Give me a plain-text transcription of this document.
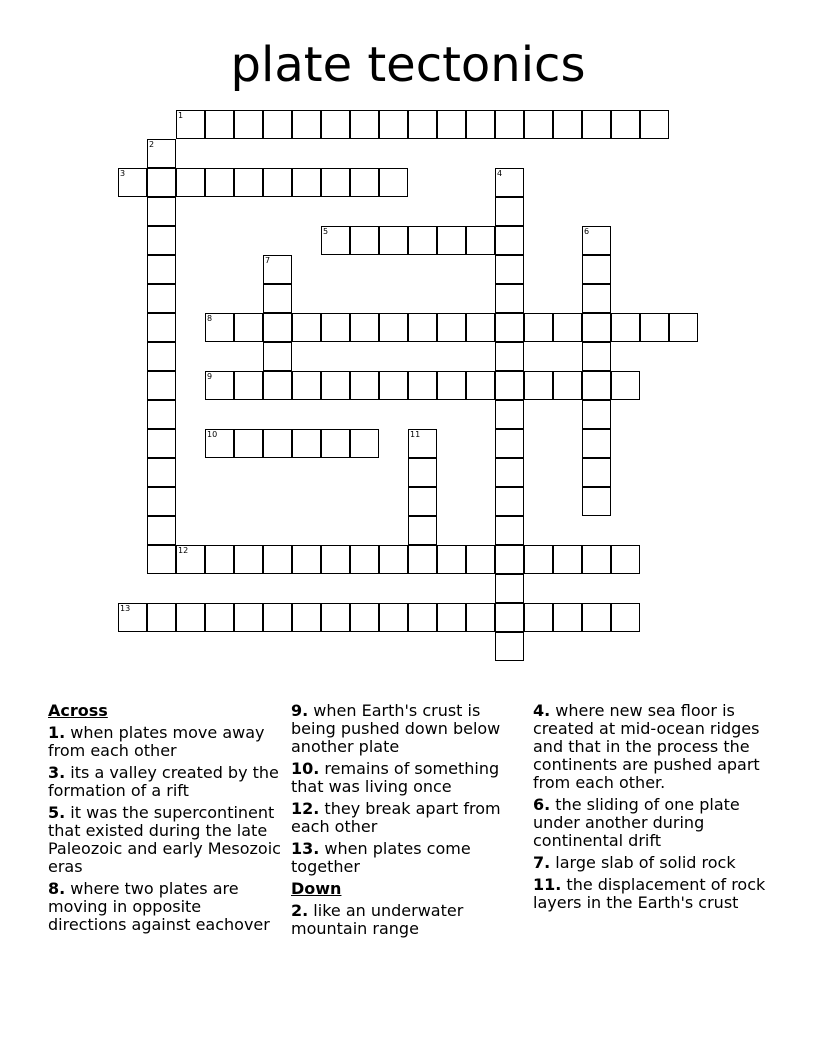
plate tectonics
1
2
3	4
5	6
7
8
9
10	11
12
13
Across
1. when plates move away from each other
3. its a valley created by the formation of a rift
5. it was the supercontinent that existed during the late Paleozoic and early Mesozoic eras
8. where two plates are moving in opposite directions against eachover
9. when Earth's crust is being pushed down below another plate
10. remains of something that was living once
12. they break apart from each other
13. when plates come together
Down
2. like an underwater mountain range
4. where new sea floor is created at mid-ocean ridges and that in the process the continents are pushed apart from each other.
6. the sliding of one plate under another during continental drift
7. large slab of solid rock
11. the displacement of rock layers in the Earth's crust
